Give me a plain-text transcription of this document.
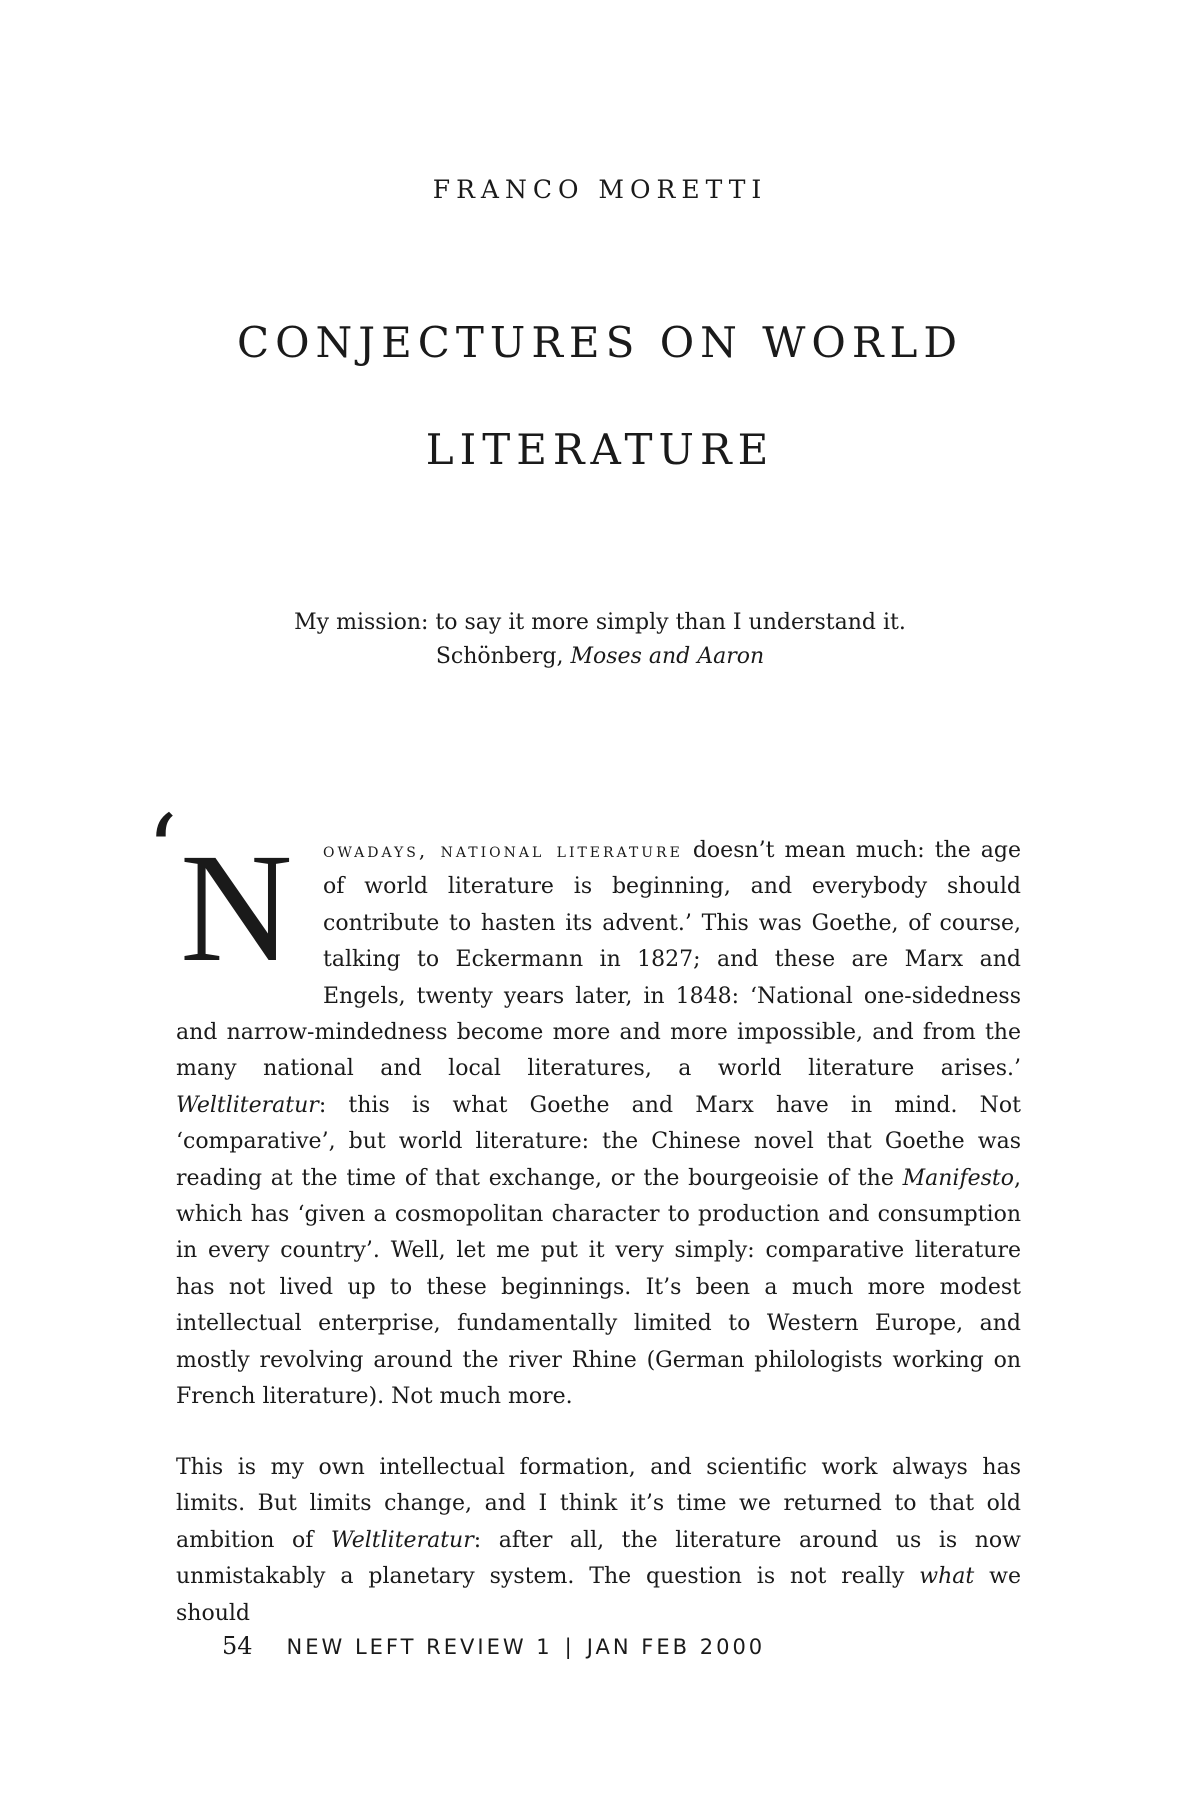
FRANCO MORETTI
CONJECTURES ON WORLD
LITERATURE
My mission: to say it more simply than I understand it.
Schönberg, Moses and Aaron
‘ N owadays, national literature doesn’t mean much: the age of world literature is beginning, and everybody should contribute to hasten its advent.’ This was Goethe, of course, talking to Eckermann in 1827; and these are Marx and Engels, twenty years later, in 1848: ‘National one-sidedness and narrow-mindedness become more and more impossible, and from the many national and local literatures, a world literature arises.’ Weltliteratur: this is what Goethe and Marx have in mind. Not ‘comparative’, but world literature: the Chinese novel that Goethe was reading at the time of that exchange, or the bourgeoisie of the Manifesto, which has ‘given a cosmopolitan character to production and consumption in every country’. Well, let me put it very simply: comparative literature has not lived up to these beginnings. It’s been a much more modest intellectual enterprise, fundamentally limited to Western Europe, and mostly revolving around the river Rhine (German philologists working on French literature). Not much more.
This is my own intellectual formation, and scientific work always has limits. But limits change, and I think it’s time we returned to that old ambition of Weltliteratur: after all, the literature around us is now unmistakably a planetary system. The question is not really what we should
54 NEW LEFT REVIEW 1 | JAN FEB 2000
